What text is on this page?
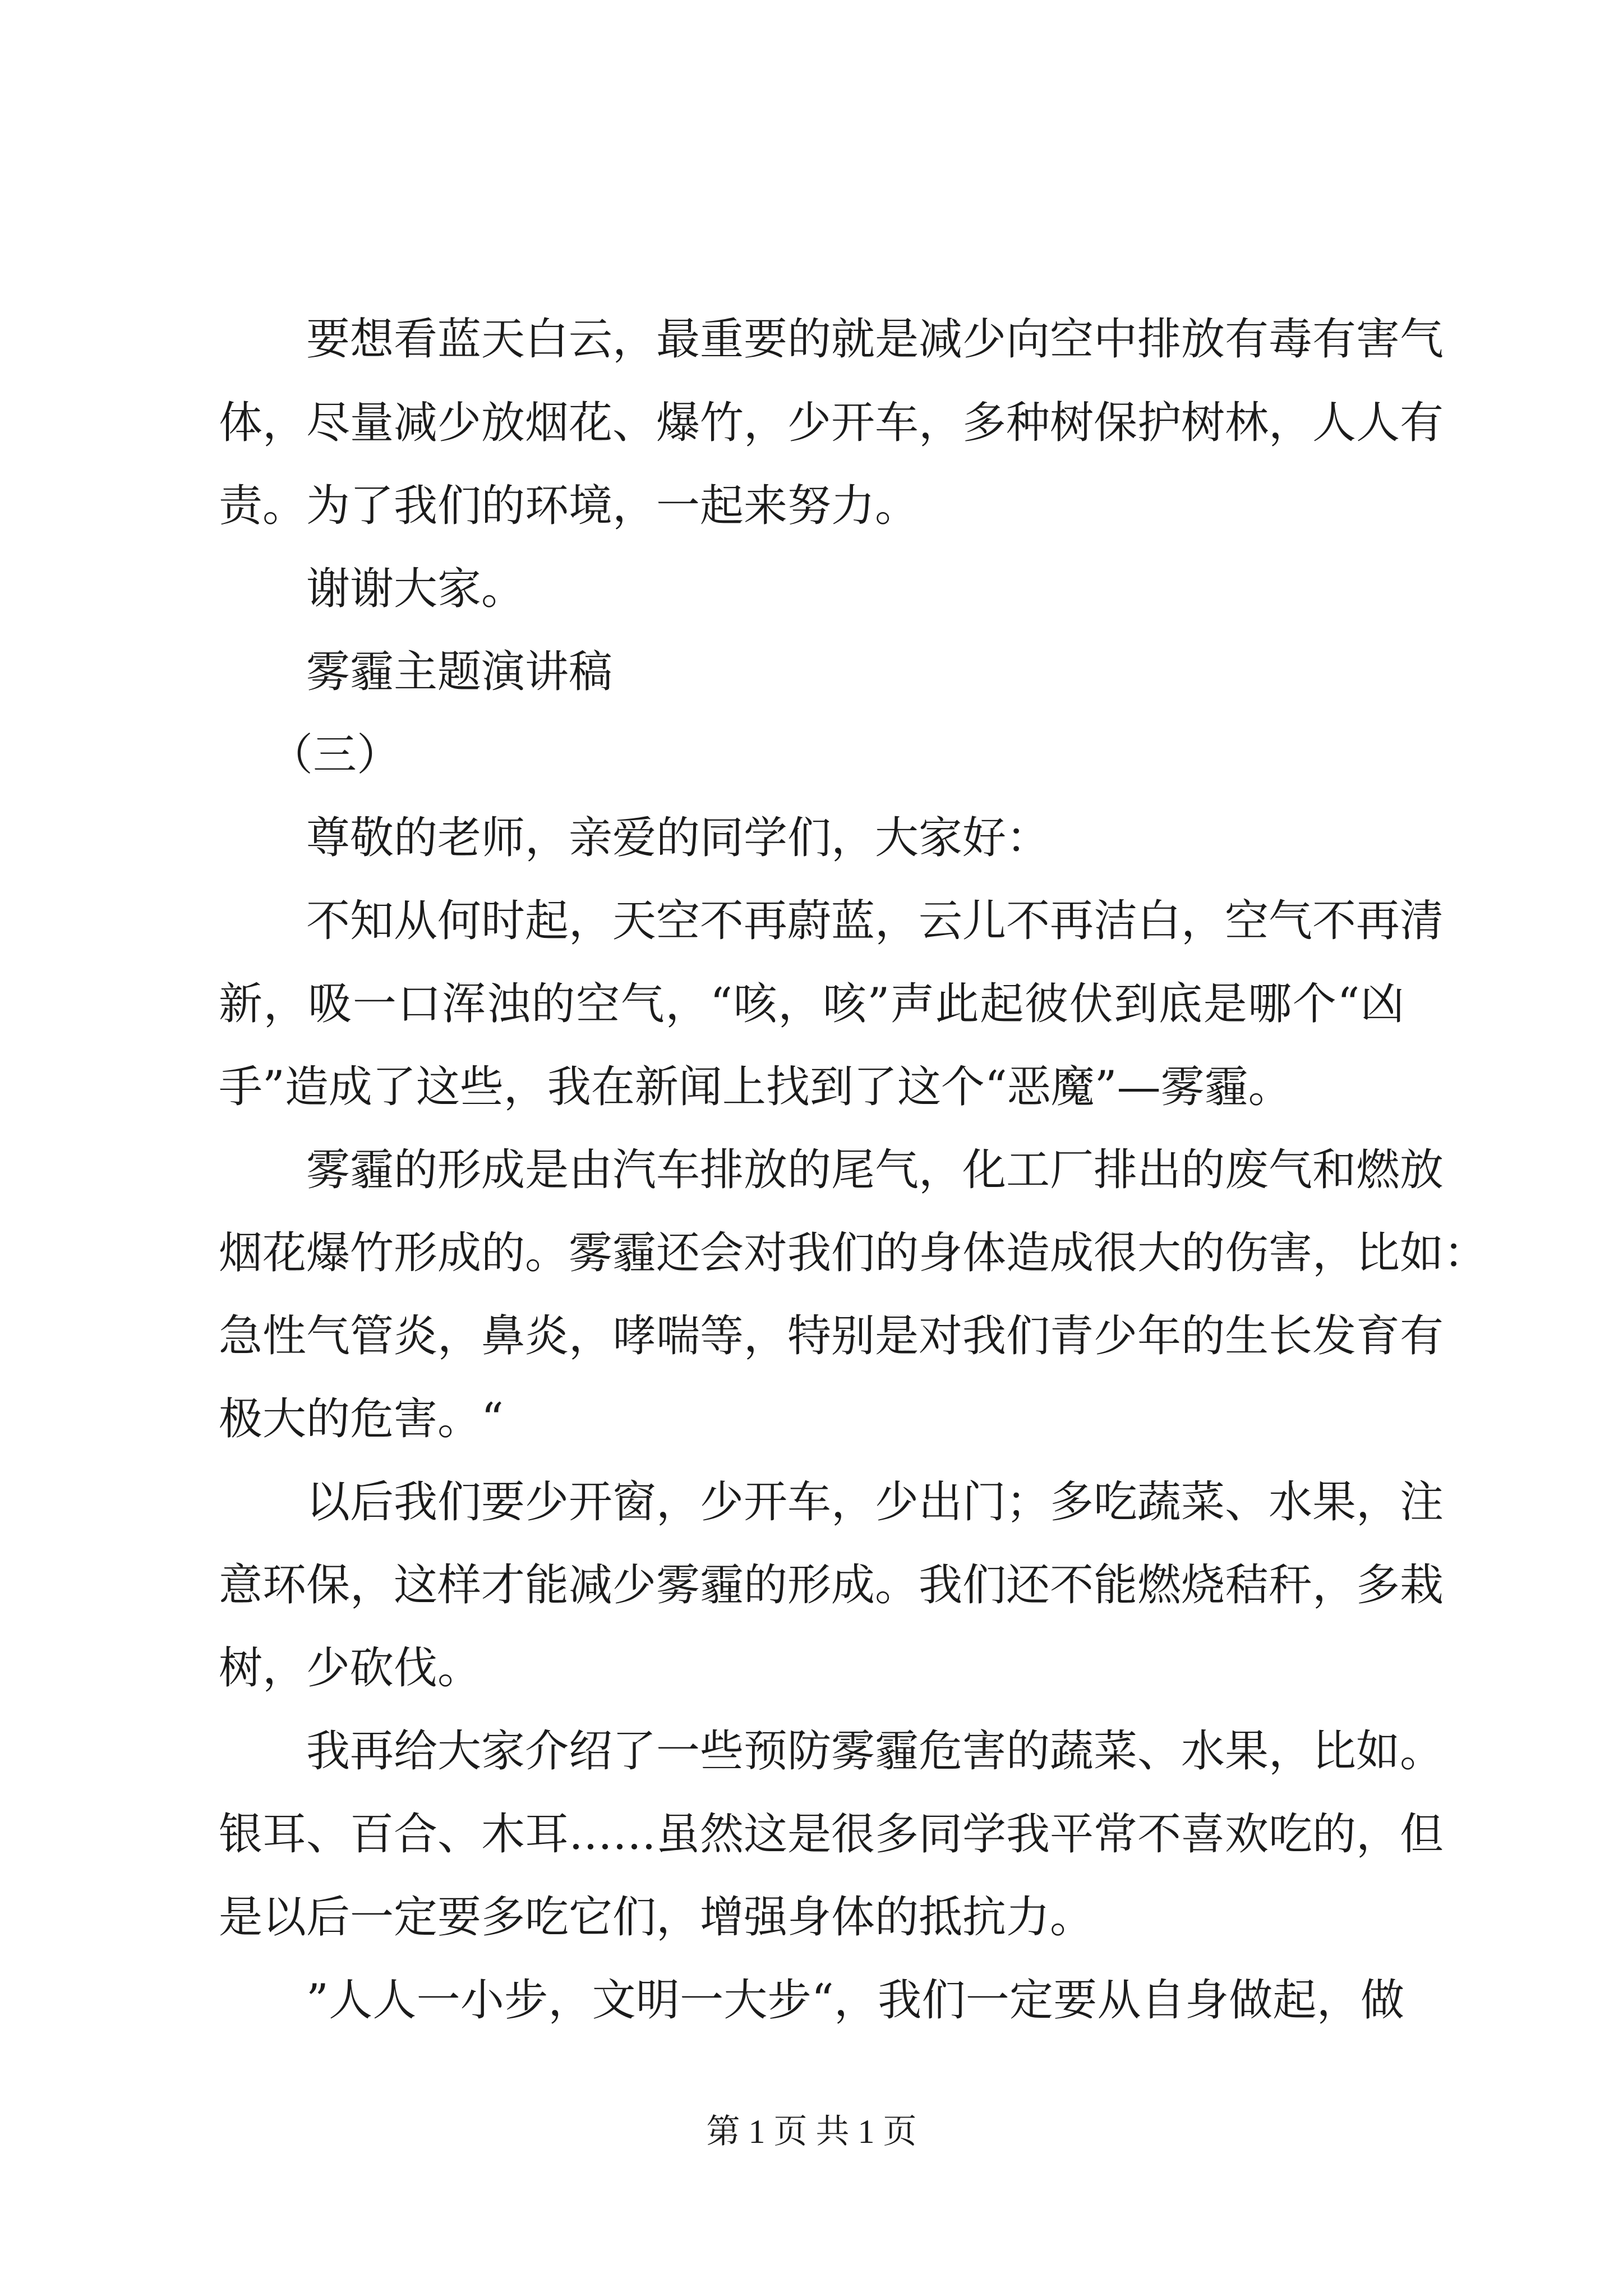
要想看蓝天白云，最重要的就是减少向空中排放有毒有害气
体，尽量减少放烟花、爆竹，少开车，多种树保护树林，人人有
责。为了我们的环境，一起来努力。
谢谢大家。
雾霾主题演讲稿
（三）
尊敬的老师，亲爱的同学们，大家好：
不知从何时起，天空不再蔚蓝，云儿不再洁白，空气不再清
新，吸一口浑浊的空气，“咳，咳”声此起彼伏到底是哪个“凶
手”造成了这些，我在新闻上找到了这个“恶魔”—雾霾。
雾霾的形成是由汽车排放的尾气，化工厂排出的废气和燃放
烟花爆竹形成的。雾霾还会对我们的身体造成很大的伤害，比如：
急性气管炎，鼻炎，哮喘等，特别是对我们青少年的生长发育有
极大的危害。“
以后我们要少开窗，少开车，少出门；多吃蔬菜、水果，注
意环保，这样才能减少雾霾的形成。我们还不能燃烧秸秆，多栽
树，少砍伐。
我再给大家介绍了一些预防雾霾危害的蔬菜、水果，比如。
银耳、百合、木耳……虽然这是很多同学我平常不喜欢吃的，但
是以后一定要多吃它们，增强身体的抵抗力。
”人人一小步，文明一大步“，我们一定要从自身做起，做
第 1 页 共 1 页
